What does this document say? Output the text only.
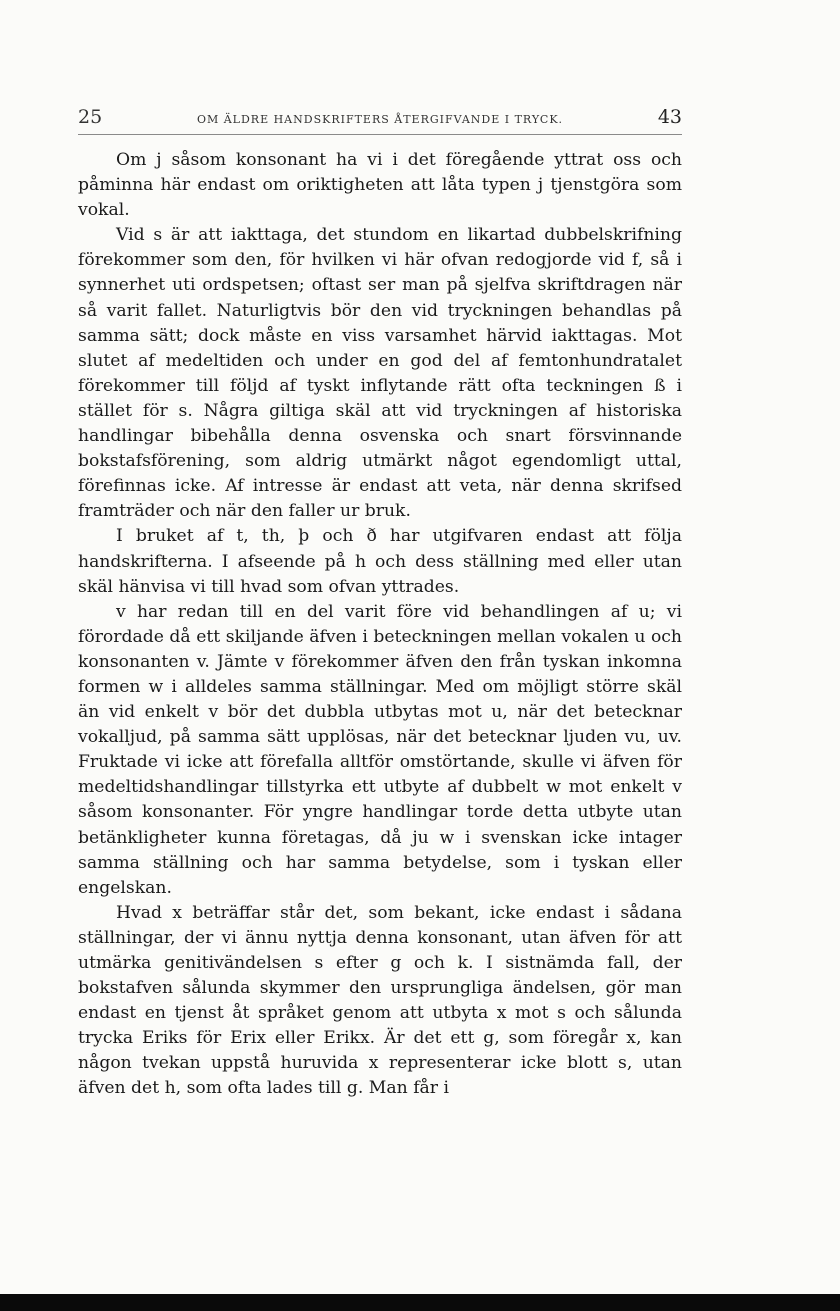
25	OM ÄLDRE HANDSKRIFTERS ÅTERGIFVANDE I TRYCK.	43

Om j såsom konsonant ha vi i det föregående yttrat oss och påminna här endast om oriktigheten att låta typen j tjenstgöra som vokal.

Vid s är att iakttaga, det stundom en likartad dubbelskrifning förekommer som den, för hvilken vi här ofvan redogjorde vid f, så i synnerhet uti ordspetsen; oftast ser man på sjelfva skriftdragen när så varit fallet. Naturligtvis bör den vid tryckningen behandlas på samma sätt; dock måste en viss varsamhet härvid iakttagas. Mot slutet af medeltiden och under en god del af femtonhundratalet förekommer till följd af tyskt inflytande rätt ofta teckningen ß i stället för s. Några giltiga skäl att vid tryckningen af historiska handlingar bibehålla denna osvenska och snart försvinnande bokstafsförening, som aldrig utmärkt något egendomligt uttal, förefinnas icke. Af intresse är endast att veta, när denna skrifsed framträder och när den faller ur bruk.

I bruket af t, th, þ och ð har utgifvaren endast att följa handskrifterna. I afseende på h och dess ställning med eller utan skäl hänvisa vi till hvad som ofvan yttrades.

v har redan till en del varit före vid behandlingen af u; vi förordade då ett skiljande äfven i beteckningen mellan vokalen u och konsonanten v. Jämte v förekommer äfven den från tyskan inkomna formen w i alldeles samma ställningar. Med om möjligt större skäl än vid enkelt v bör det dubbla utbytas mot u, när det betecknar vokalljud, på samma sätt upplösas, när det betecknar ljuden vu, uv. Fruktade vi icke att förefalla alltför omstörtande, skulle vi äfven för medeltidshandlingar tillstyrka ett utbyte af dubbelt w mot enkelt v såsom konsonanter. För yngre handlingar torde detta utbyte utan betänkligheter kunna företagas, då ju w i svenskan icke intager samma ställning och har samma betydelse, som i tyskan eller engelskan.

Hvad x beträffar står det, som bekant, icke endast i sådana ställningar, der vi ännu nyttja denna konsonant, utan äfven för att utmärka genitivändelsen s efter g och k. I sistnämda fall, der bokstafven sålunda skymmer den ursprungliga ändelsen, gör man endast en tjenst åt språket genom att utbyta x mot s och sålunda trycka Eriks för Erix eller Erikx. Är det ett g, som föregår x, kan någon tvekan uppstå huruvida x representerar icke blott s, utan äfven det h, som ofta lades till g. Man får i
